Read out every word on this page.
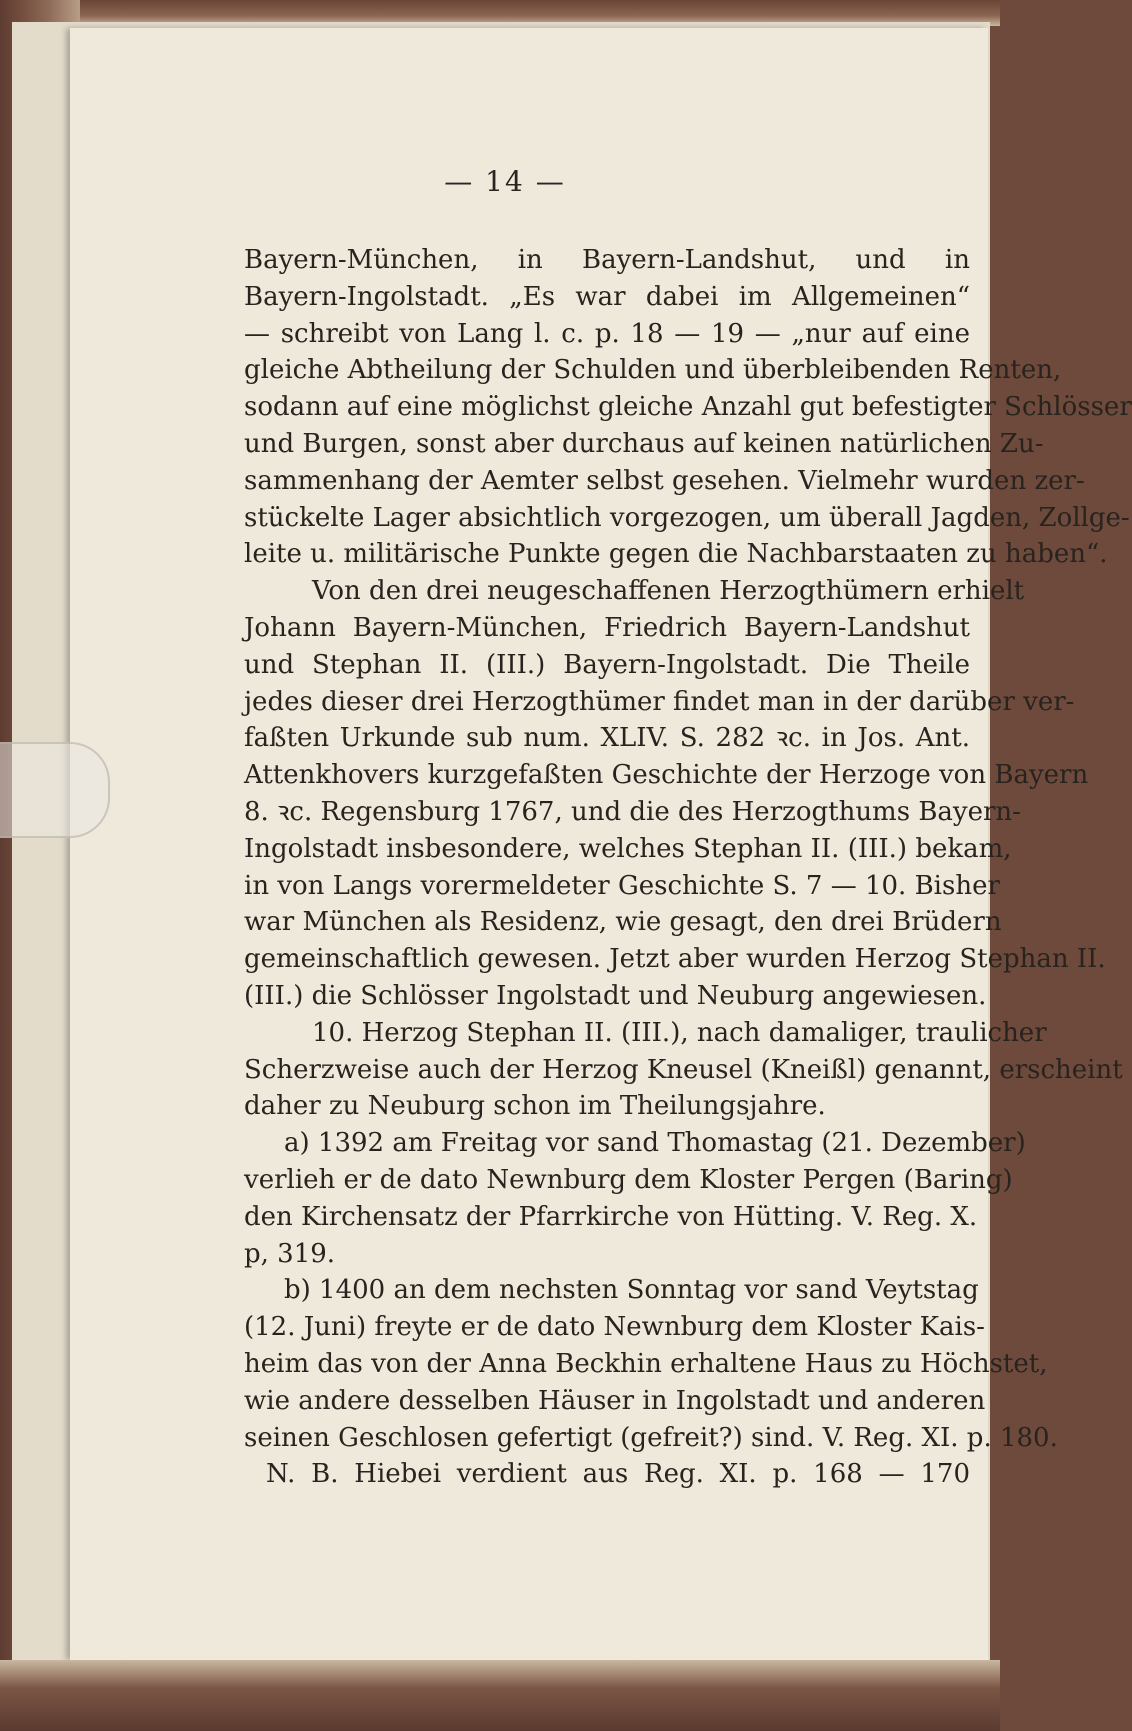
— 14 —
Bayern-München, in Bayern-Landshut, und in
Bayern-Ingolstadt. „Es war dabei im Allgemeinen“
— schreibt von Lang l. c. p. 18 — 19 — „nur auf eine
gleiche Abtheilung der Schulden und überbleibenden Renten,
sodann auf eine möglichst gleiche Anzahl gut befestigter Schlösser
und Burgen, sonst aber durchaus auf keinen natürlichen Zu-
sammenhang der Aemter selbst gesehen. Vielmehr wurden zer-
stückelte Lager absichtlich vorgezogen, um überall Jagden, Zollge-
leite u. militärische Punkte gegen die Nachbarstaaten zu haben“.
Von den drei neugeschaffenen Herzogthümern erhielt
Johann Bayern-München, Friedrich Bayern-Landshut
und Stephan II. (III.) Bayern-Ingolstadt. Die Theile
jedes dieser drei Herzogthümer findet man in der darüber ver-
faßten Urkunde sub num. XLIV. S. 282 ꝛc. in Jos. Ant.
Attenkhovers kurzgefaßten Geschichte der Herzoge von Bayern
8. ꝛc. Regensburg 1767, und die des Herzogthums Bayern-
Ingolstadt insbesondere, welches Stephan II. (III.) bekam,
in von Langs vorermeldeter Geschichte S. 7 — 10. Bisher
war München als Residenz, wie gesagt, den drei Brüdern
gemeinschaftlich gewesen. Jetzt aber wurden Herzog Stephan II.
(III.) die Schlösser Ingolstadt und Neuburg angewiesen.
10. Herzog Stephan II. (III.), nach damaliger, traulicher
Scherzweise auch der Herzog Kneusel (Kneißl) genannt, erscheint
daher zu Neuburg schon im Theilungsjahre.
a) 1392 am Freitag vor sand Thomastag (21. Dezember)
verlieh er de dato Newnburg dem Kloster Pergen (Baring)
den Kirchensatz der Pfarrkirche von Hütting. V. Reg. X.
p, 319.
b) 1400 an dem nechsten Sonntag vor sand Veytstag
(12. Juni) freyte er de dato Newnburg dem Kloster Kais-
heim das von der Anna Beckhin erhaltene Haus zu Höchstet,
wie andere desselben Häuser in Ingolstadt und anderen
seinen Geschlosen gefertigt (gefreit?) sind. V. Reg. XI. p. 180.
N. B. Hiebei verdient aus Reg. XI. p. 168 — 170
